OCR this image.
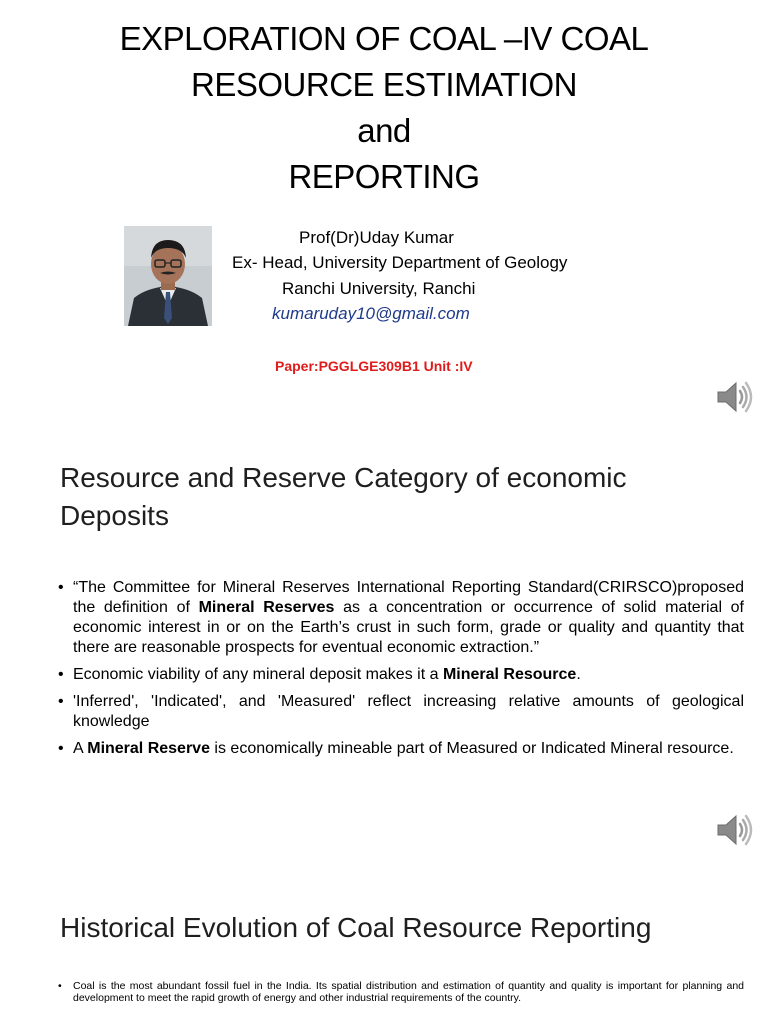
EXPLORATION OF COAL –IV COAL
RESOURCE ESTIMATION
and
REPORTING
Prof(Dr)Uday Kumar
Ex- Head, University Department of Geology
Ranchi University, Ranchi
kumaruday10@gmail.com
Paper:PGGLGE309B1 Unit :IV
Resource and Reserve Category of economic
Deposits
• “The Committee for Mineral Reserves International Reporting Standard(CRIRSCO)proposed the definition of Mineral Reserves as a concentration or occurrence of solid material of economic interest in or on the Earth’s crust in such form, grade or quality and quantity that there are reasonable prospects for eventual economic extraction.”
• Economic viability of any mineral deposit makes it a Mineral Resource.
• 'Inferred', 'Indicated', and 'Measured' reflect increasing relative amounts of geological knowledge
• A Mineral Reserve is economically mineable part of Measured or Indicated Mineral resource.
Historical Evolution of Coal Resource Reporting
• Coal is the most abundant fossil fuel in the India. Its spatial distribution and estimation of quantity and quality is important for planning and development to meet the rapid growth of energy and other industrial requirements of the country.
